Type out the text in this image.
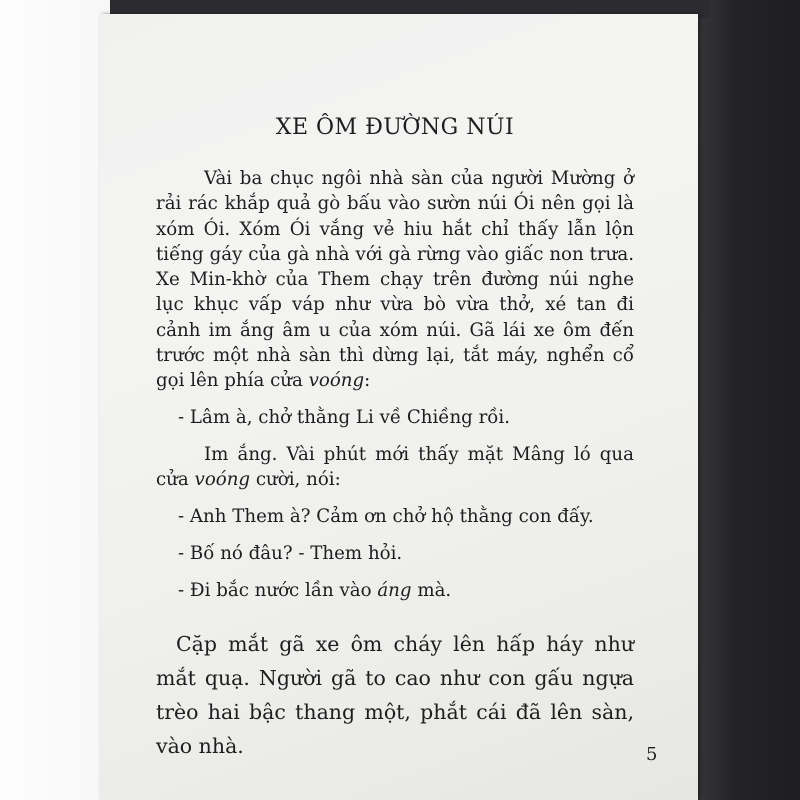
XE ÔM ĐƯỜNG NÚI

Vài ba chục ngôi nhà sàn của người Mường ở rải rác khắp quả gò bấu vào sườn núi Ói nên gọi là xóm Ói. Xóm Ói vắng vẻ hiu hắt chỉ thấy lẫn lộn tiếng gáy của gà nhà với gà rừng vào giấc non trưa. Xe Min-khờ của Them chạy trên đường núi nghe lục khục vấp váp như vừa bò vừa thở, xé tan đi cảnh im ắng âm u của xóm núi. Gã lái xe ôm đến trước một nhà sàn thì dừng lại, tắt máy, nghển cổ gọi lên phía cửa voóng:

- Lâm à, chở thằng Li về Chiềng rồi.

Im ắng. Vài phút mới thấy mặt Mâng ló qua cửa voóng cười, nói:

- Anh Them à? Cảm ơn chở hộ thằng con đấy.

- Bố nó đâu? - Them hỏi.

- Đi bắc nước lần vào áng mà.

Cặp mắt gã xe ôm cháy lên hấp háy như mắt quạ. Người gã to cao như con gấu ngựa trèo hai bậc thang một, phắt cái đã lên sàn, vào nhà.	5
